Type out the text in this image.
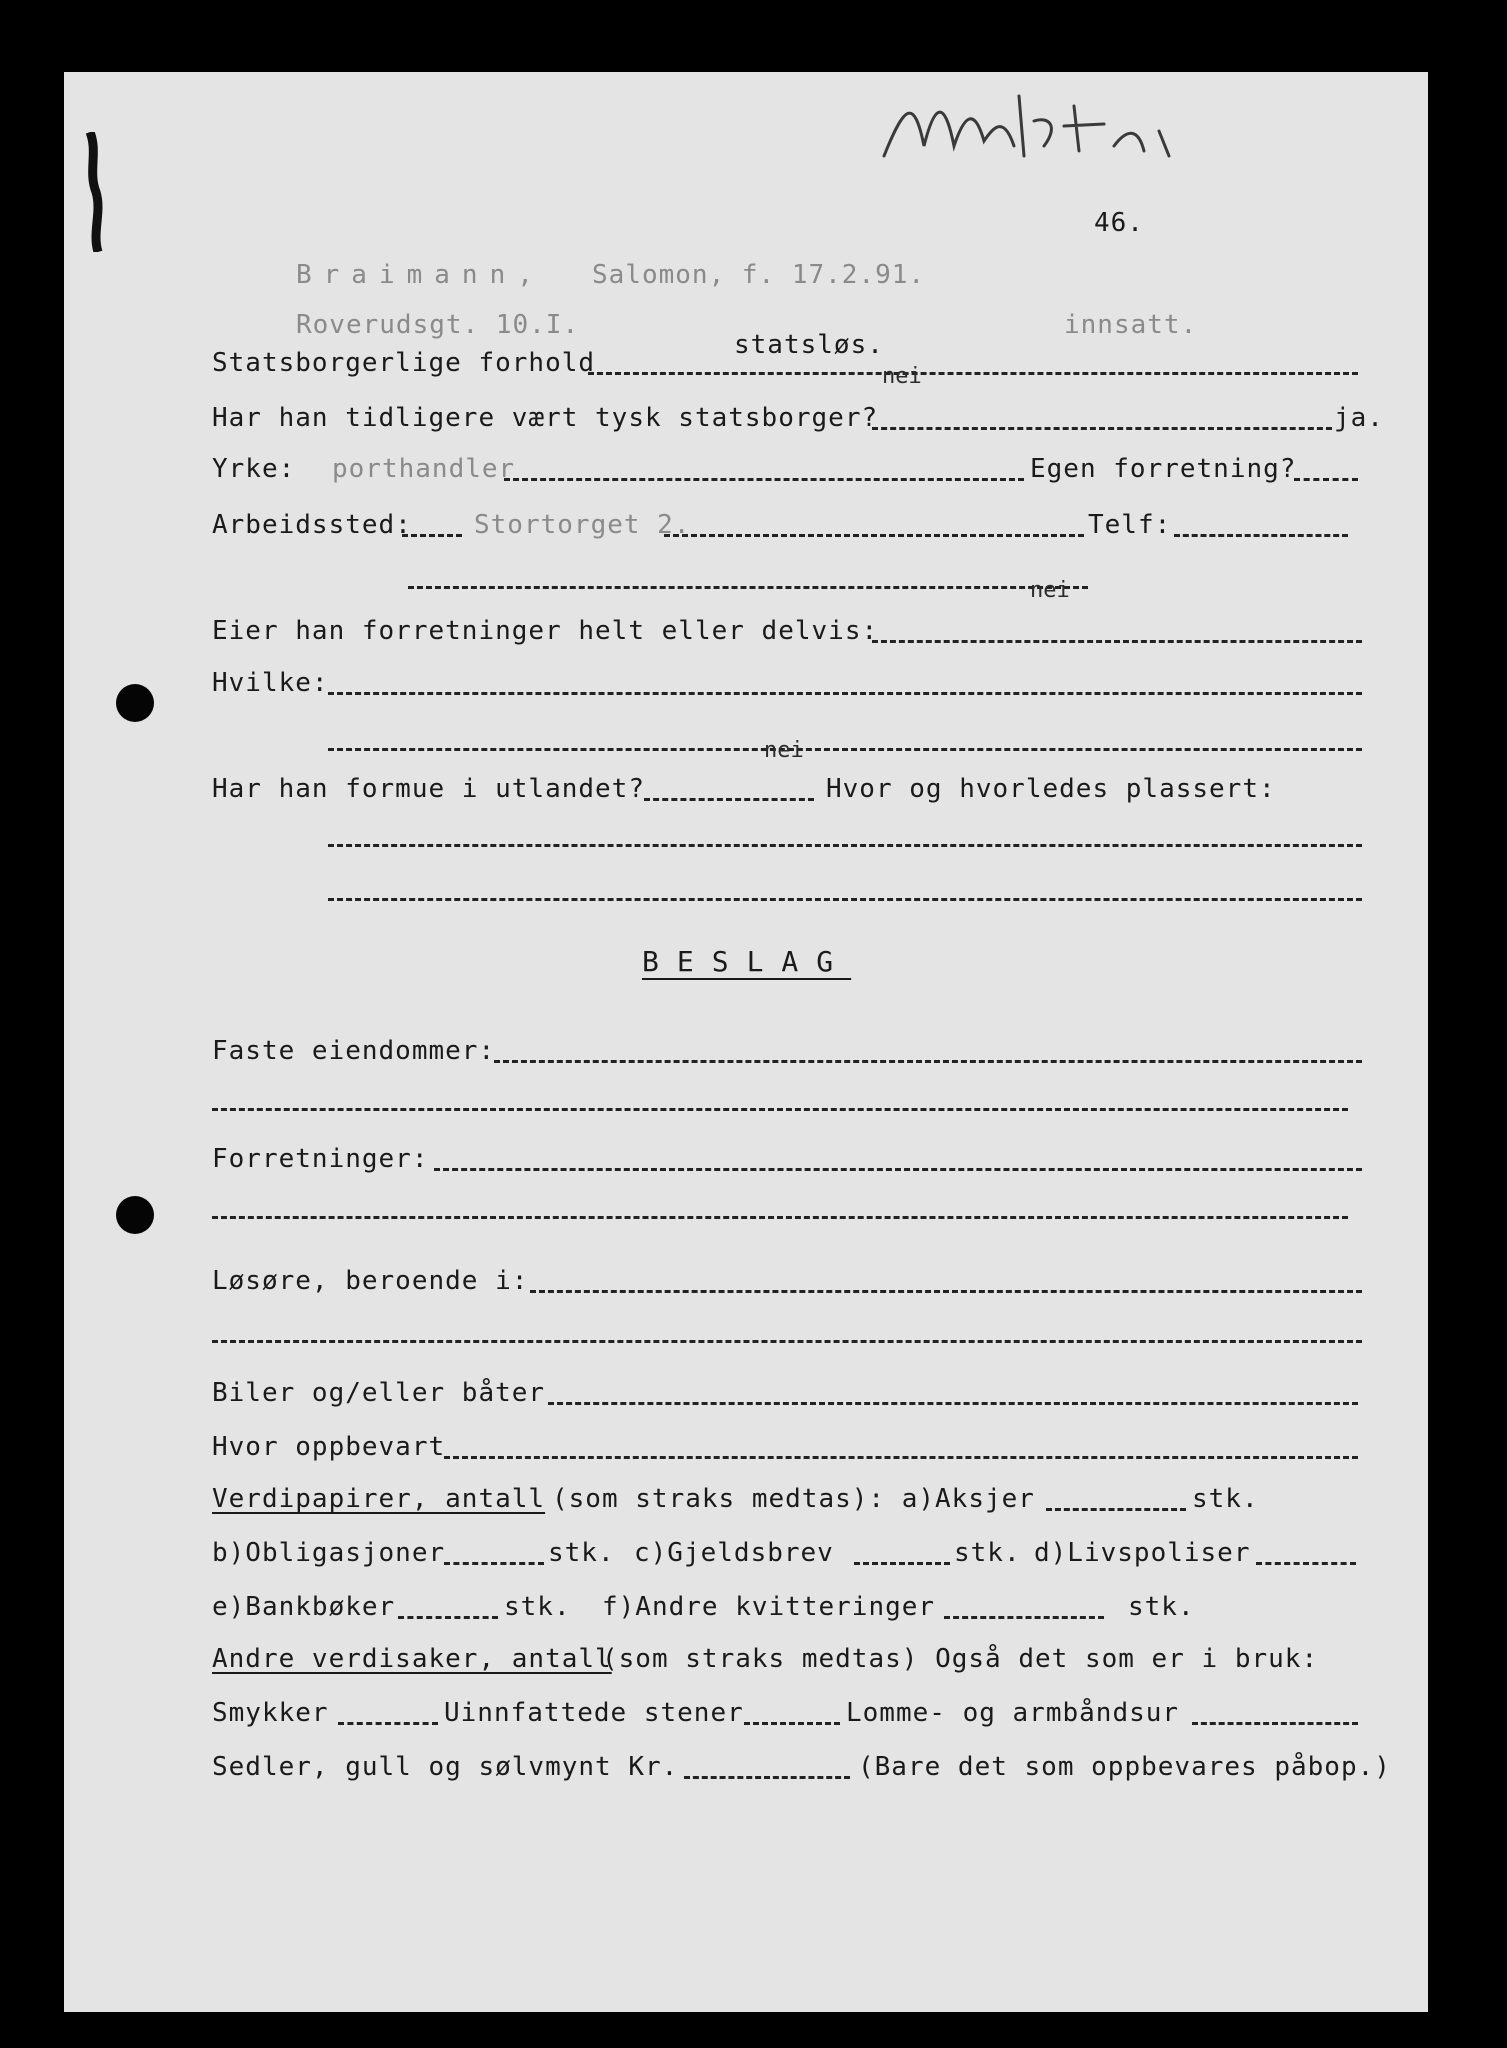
46.
Braimann, Salomon, f. 17.2.91.
Roverudsgt. 10.I.	innsatt.
statsløs.
Statsborgerlige forhold	nei
Har han tidligere vært tysk statsborger?	ja.
Yrke: porthandler	Egen forretning?
Arbeidssted: Stortorget 2.	Telf:
nei
Eier han forretninger helt eller delvis:
Hvilke:
nei
Har han formue i utlandet?	Hvor og hvorledes plassert:
BESLAG
Faste eiendommer:
Forretninger:
Løsøre, beroende i:
Biler og/eller båter
Hvor oppbevart
Verdipapirer, antall (som straks medtas): a)Aksjer	stk.
b)Obligasjoner	stk. c)Gjeldsbrev	stk. d)Livspoliser
e)Bankbøker	stk. f)Andre kvitteringer	stk.
Andre verdisaker, antall
(som straks medtas) Også det som er i bruk:
Smykker	Uinnfattede stener	Lomme- og armbåndsur
Sedler, gull og sølvmynt Kr.	(Bare det som oppbevares påbop.)
